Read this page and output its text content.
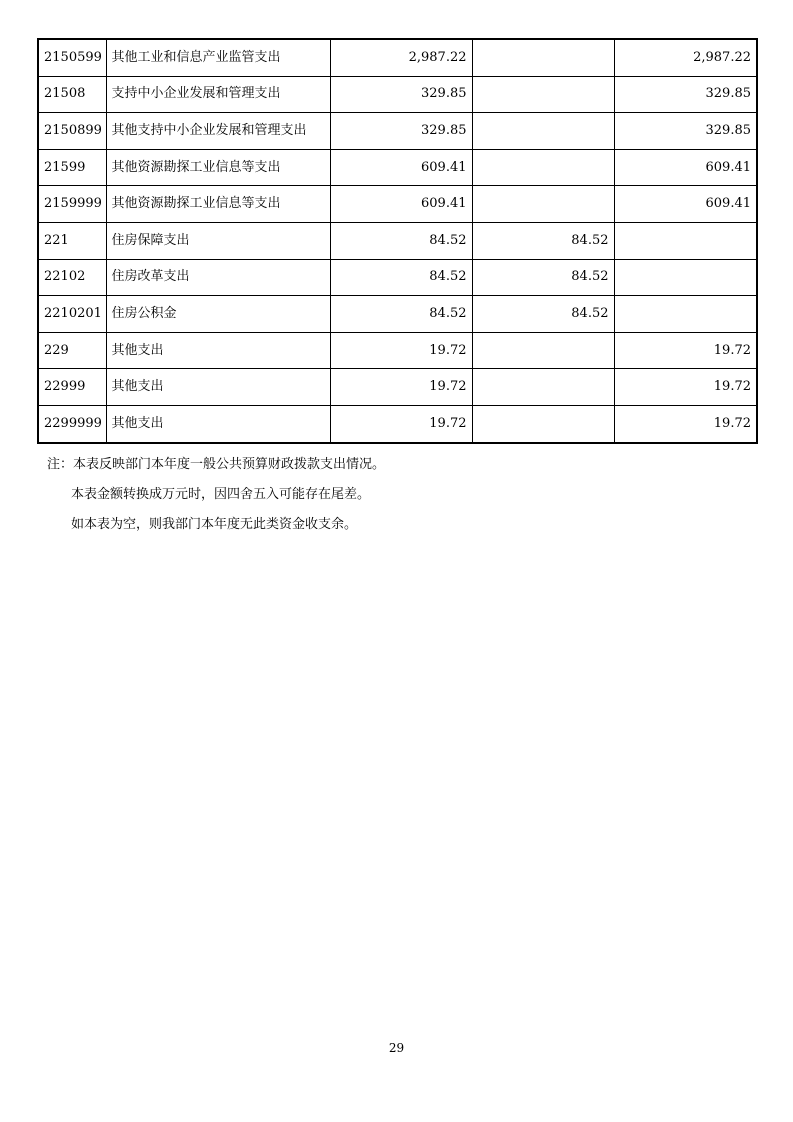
2150599	其他工业和信息产业监管支出	2,987.22		2,987.22
21508	支持中小企业发展和管理支出	329.85		329.85
2150899	其他支持中小企业发展和管理支出	329.85		329.85
21599	其他资源勘探工业信息等支出	609.41		609.41
2159999	其他资源勘探工业信息等支出	609.41		609.41
221	住房保障支出	84.52	84.52	
22102	住房改革支出	84.52	84.52	
2210201	住房公积金	84.52	84.52	
229	其他支出	19.72		19.72
22999	其他支出	19.72		19.72
2299999	其他支出	19.72		19.72
注：本表反映部门本年度一般公共预算财政拨款支出情况。
本表金额转换成万元时，因四舍五入可能存在尾差。
如本表为空，则我部门本年度无此类资金收支余。
29
